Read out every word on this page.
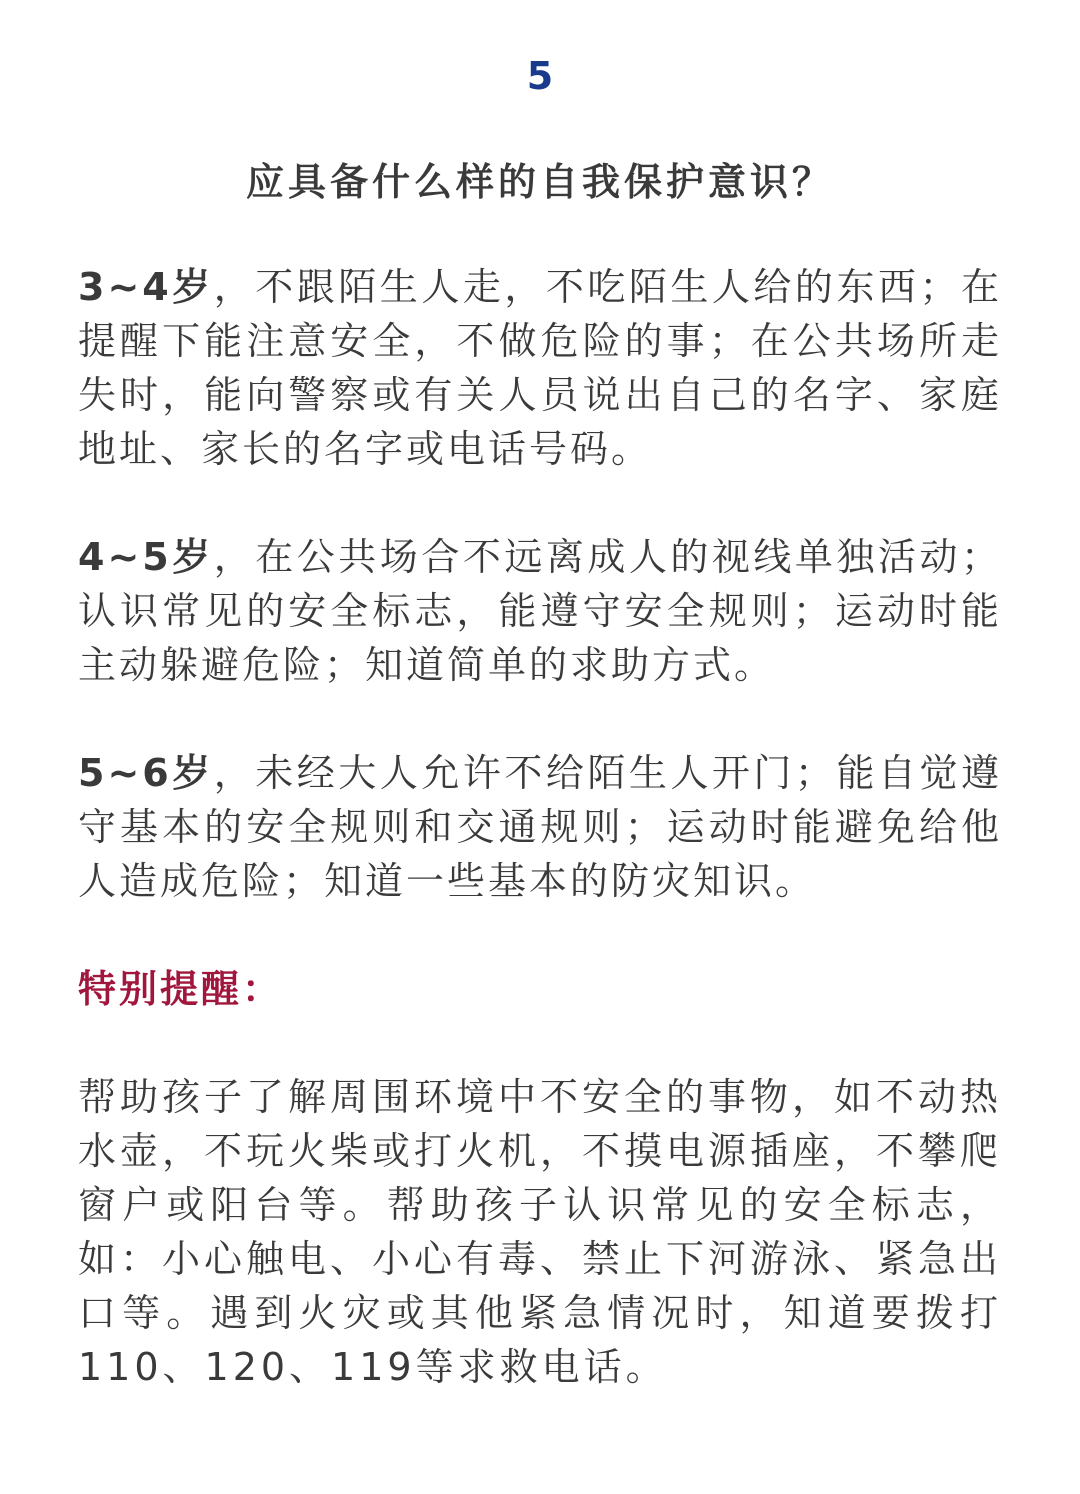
5
应具备什么样的自我保护意识？

3~4岁，不跟陌生人走，不吃陌生人给的东西；在提醒下能注意安全，不做危险的事；在公共场所走失时，能向警察或有关人员说出自己的名字、家庭地址、家长的名字或电话号码。

4~5岁，在公共场合不远离成人的视线单独活动；认识常见的安全标志，能遵守安全规则；运动时能主动躲避危险；知道简单的求助方式。

5~6岁，未经大人允许不给陌生人开门；能自觉遵守基本的安全规则和交通规则；运动时能避免给他人造成危险；知道一些基本的防灾知识。

特别提醒：

帮助孩子了解周围环境中不安全的事物，如不动热水壶，不玩火柴或打火机，不摸电源插座，不攀爬窗户或阳台等。帮助孩子认识常见的安全标志，如：小心触电、小心有毒、禁止下河游泳、紧急出口等。遇到火灾或其他紧急情况时，知道要拨打110、120、119等求救电话。
